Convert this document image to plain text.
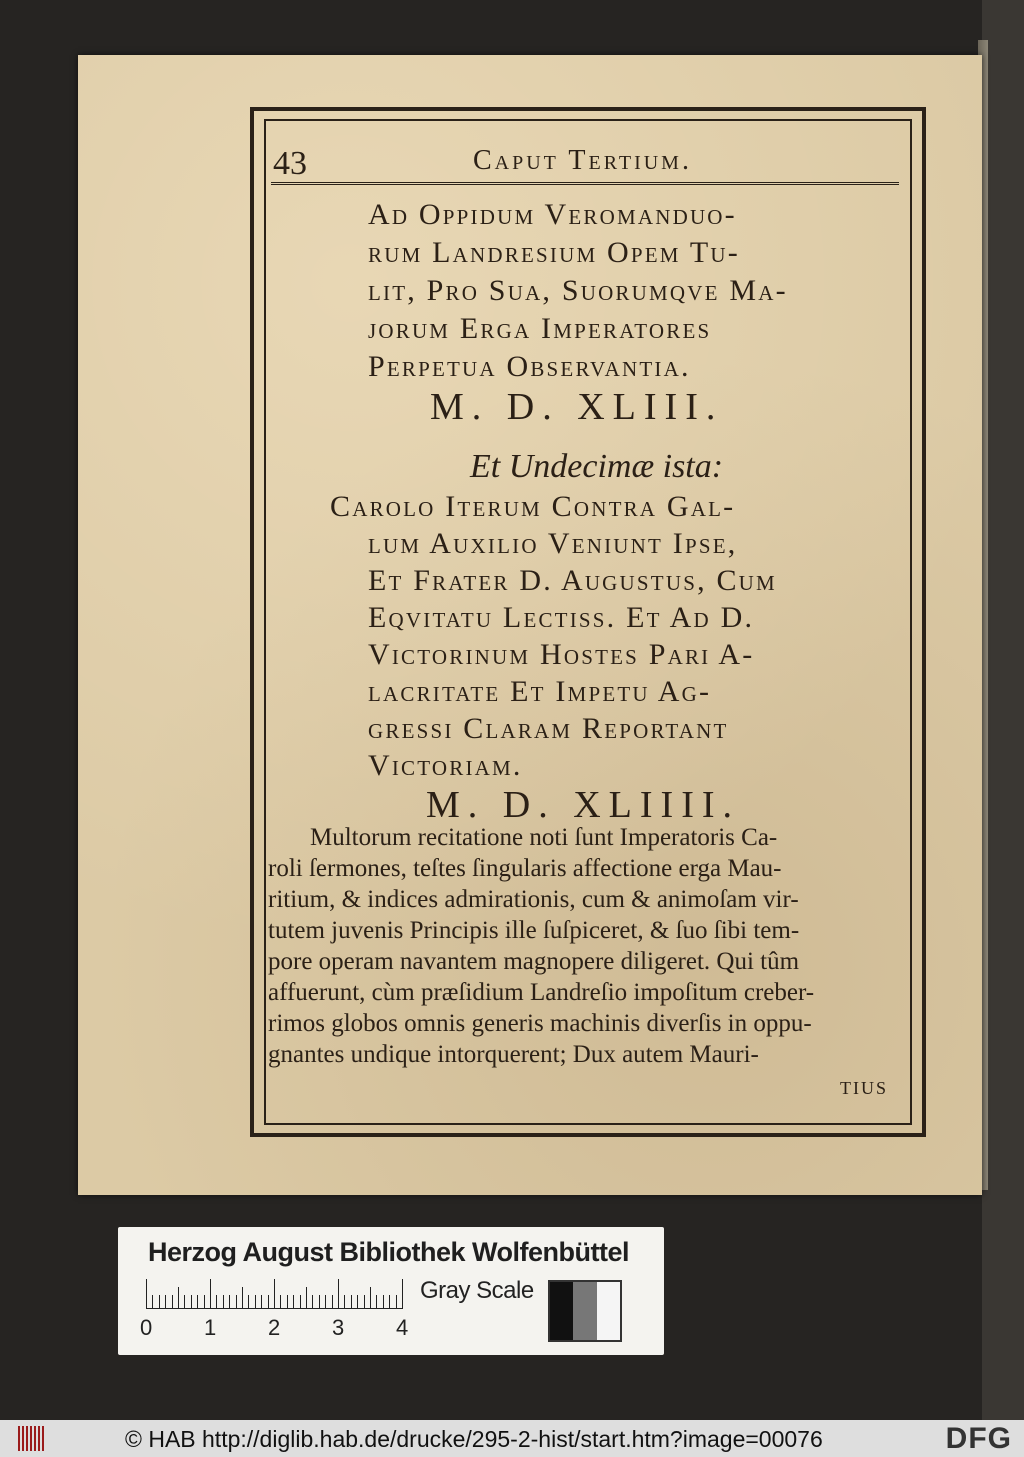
43	Caput Tertium.
Ad Oppidum Veromanduo-
rum Landresium Opem Tu-
lit, Pro Sua, Suorumqve Ma-
jorum Erga Imperatores
Perpetua Observantia.
M. D. XLIII.
Et Undecimæ ista:
Carolo Iterum Contra Gal-
lum Auxilio Veniunt Ipse,
Et Frater D. Augustus, Cum
Eqvitatu Lectiss. Et Ad D.
Victorinum Hostes Pari A-
lacritate Et Impetu Ag-
gressi Claram Reportant
Victoriam.
M. D. XLIIII.
Multorum recitatione noti ſunt Imperatoris Ca-
roli ſermones, teſtes ſingularis affectione erga Mau-
ritium, & indices admirationis, cum & animoſam vir-
tutem juvenis Principis ille ſuſpiceret, & ſuo ſibi tem-
pore operam navantem magnopere diligeret. Qui tûm
affuerunt, cùm præſidium Landreſio impoſitum creber-
rimos globos omnis generis machinis diverſis in oppu-
gnantes undique intorquerent; Dux autem Mauri-
tius
Herzog August Bibliothek Wolfenbüttel
0 1 2 3 4
Gray Scale
© HAB http://diglib.hab.de/drucke/295-2-hist/start.htm?image=00076	DFG
